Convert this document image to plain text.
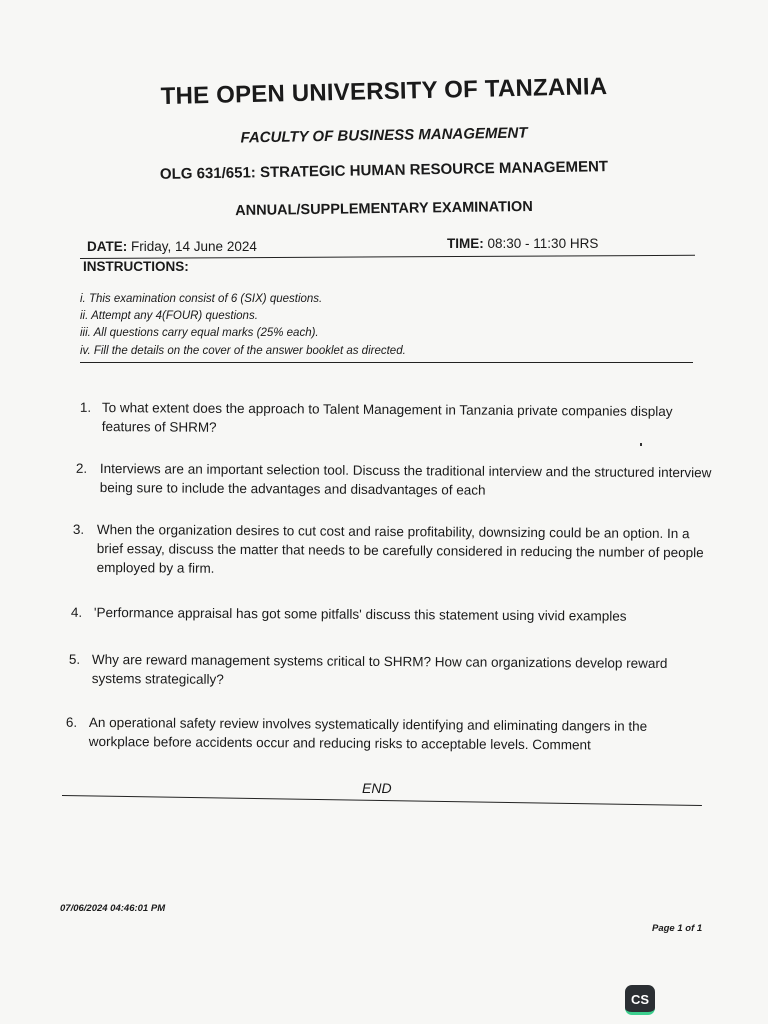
THE OPEN UNIVERSITY OF TANZANIA
FACULTY OF BUSINESS MANAGEMENT
OLG 631/651: STRATEGIC HUMAN RESOURCE MANAGEMENT
ANNUAL/SUPPLEMENTARY EXAMINATION
DATE: Friday, 14 June 2024	TIME: 08:30 - 11:30 HRS
INSTRUCTIONS:
i. This examination consist of 6 (SIX) questions.
ii. Attempt any 4(FOUR) questions.
iii. All questions carry equal marks (25% each).
iv. Fill the details on the cover of the answer booklet as directed.
1. To what extent does the approach to Talent Management in Tanzania private companies display
features of SHRM?
2. Interviews are an important selection tool. Discuss the traditional interview and the structured interview
being sure to include the advantages and disadvantages of each
3. When the organization desires to cut cost and raise profitability, downsizing could be an option. In a
brief essay, discuss the matter that needs to be carefully considered in reducing the number of people
employed by a firm.
4. 'Performance appraisal has got some pitfalls' discuss this statement using vivid examples
5. Why are reward management systems critical to SHRM? How can organizations develop reward
systems strategically?
6. An operational safety review involves systematically identifying and eliminating dangers in the
workplace before accidents occur and reducing risks to acceptable levels. Comment
END
07/06/2024 04:46:01 PM
Page 1 of 1
CS
